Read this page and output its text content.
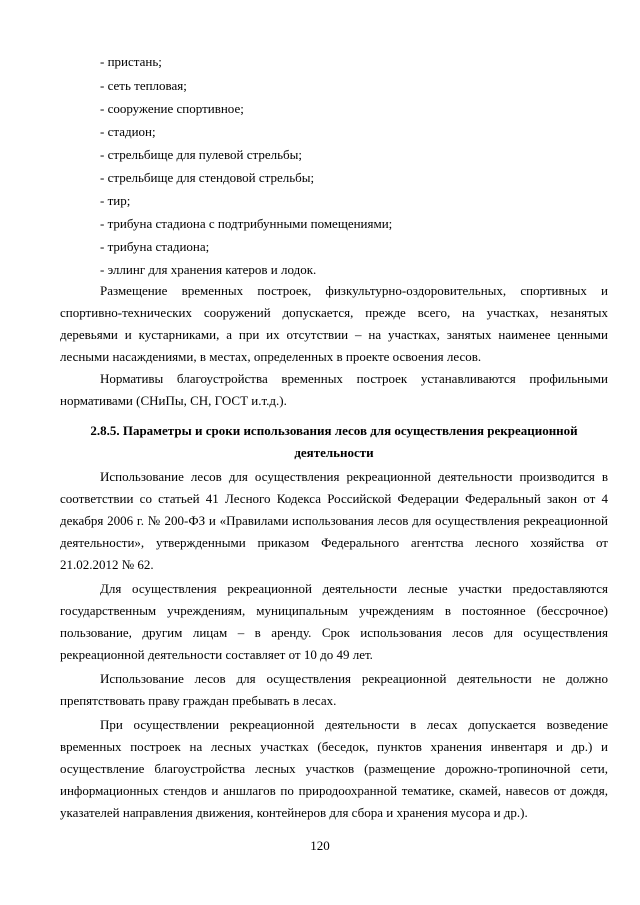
- пристань;
- сеть тепловая;
- сооружение спортивное;
- стадион;
- стрельбище для пулевой стрельбы;
- стрельбище для стендовой стрельбы;
- тир;
- трибуна стадиона с подтрибунными помещениями;
- трибуна стадиона;
- эллинг для хранения катеров и лодок.
Размещение временных построек, физкультурно-оздоровительных, спортивных и спортивно-технических сооружений допускается, прежде всего, на участках, незанятых деревьями и кустарниками, а при их отсутствии – на участках, занятых наименее ценными лесными насаждениями, в местах, определенных в проекте освоения лесов.
Нормативы благоустройства временных построек устанавливаются профильными нормативами (СНиПы, СН, ГОСТ и.т.д.).
2.8.5. Параметры и сроки использования лесов для осуществления рекреационной деятельности
Использование лесов для осуществления рекреационной деятельности производится в соответствии со статьей 41 Лесного Кодекса Российской Федерации Федеральный закон от 4 декабря 2006 г. № 200-ФЗ и «Правилами использования лесов для осуществления рекреационной деятельности», утвержденными приказом Федерального агентства лесного хозяйства от 21.02.2012 № 62.
Для осуществления рекреационной деятельности лесные участки предоставляются государственным учреждениям, муниципальным учреждениям в постоянное (бессрочное) пользование, другим лицам – в аренду. Срок использования лесов для осуществления рекреационной деятельности составляет от 10 до 49 лет.
Использование лесов для осуществления рекреационной деятельности не должно препятствовать праву граждан пребывать в лесах.
При осуществлении рекреационной деятельности в лесах допускается возведение временных построек на лесных участках (беседок, пунктов хранения инвентаря и др.) и осуществление благоустройства лесных участков (размещение дорожно-тропиночной сети, информационных стендов и аншлагов по природоохранной тематике, скамей, навесов от дождя, указателей направления движения, контейнеров для сбора и хранения мусора и др.).
120
